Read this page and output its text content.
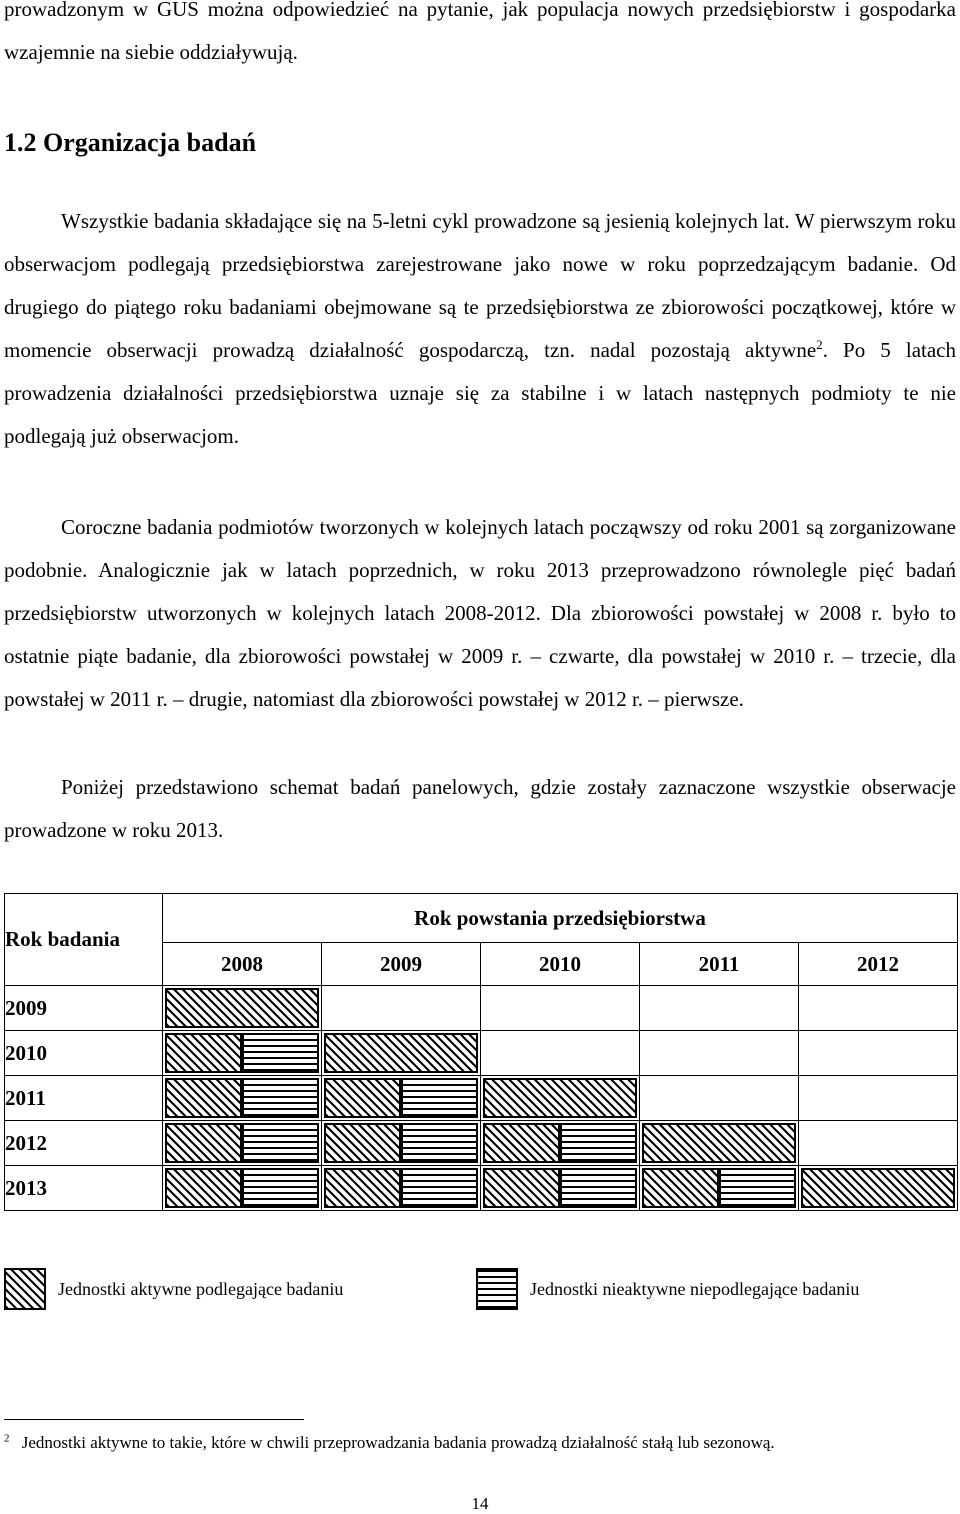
prowadzonym w GUS można odpowiedzieć na pytanie, jak populacja nowych przedsiębiorstw i gospodarka wzajemnie na siebie oddziaływują.

1.2 Organizacja badań

Wszystkie badania składające się na 5-letni cykl prowadzone są jesienią kolejnych lat. W pierwszym roku obserwacjom podlegają przedsiębiorstwa zarejestrowane jako nowe w roku poprzedzającym badanie. Od drugiego do piątego roku badaniami obejmowane są te przedsiębiorstwa ze zbiorowości początkowej, które w momencie obserwacji prowadzą działalność gospodarczą, tzn. nadal pozostają aktywne$^2$. Po 5 latach prowadzenia działalności przedsiębiorstwa uznaje się za stabilne i w latach następnych podmioty te nie podlegają już obserwacjom.

Coroczne badania podmiotów tworzonych w kolejnych latach począwszy od roku 2001 są zorganizowane podobnie. Analogicznie jak w latach poprzednich, w roku 2013 przeprowadzono równolegle pięć badań przedsiębiorstw utworzonych w kolejnych latach 2008-2012. Dla zbiorowości powstałej w 2008 r. było to ostatnie piąte badanie, dla zbiorowości powstałej w 2009 r. – czwarte, dla powstałej w 2010 r. – trzecie, dla powstałej w 2011 r. – drugie, natomiast dla zbiorowości powstałej w 2012 r. – pierwsze.

Poniżej przedstawiono schemat badań panelowych, gdzie zostały zaznaczone wszystkie obserwacje prowadzone w roku 2013.

Rok badania	Rok powstania przedsiębiorstwa				
	2008	2009	2010	2011	2012
2009	

2010	

2011	

2012	

2013	

Jednostki aktywne podlegające badaniu	Jednostki nieaktywne niepodlegające badaniu
$^2$ Jednostki aktywne to takie, które w chwili przeprowadzania badania prowadzą działalność stałą lub sezonową.
14
